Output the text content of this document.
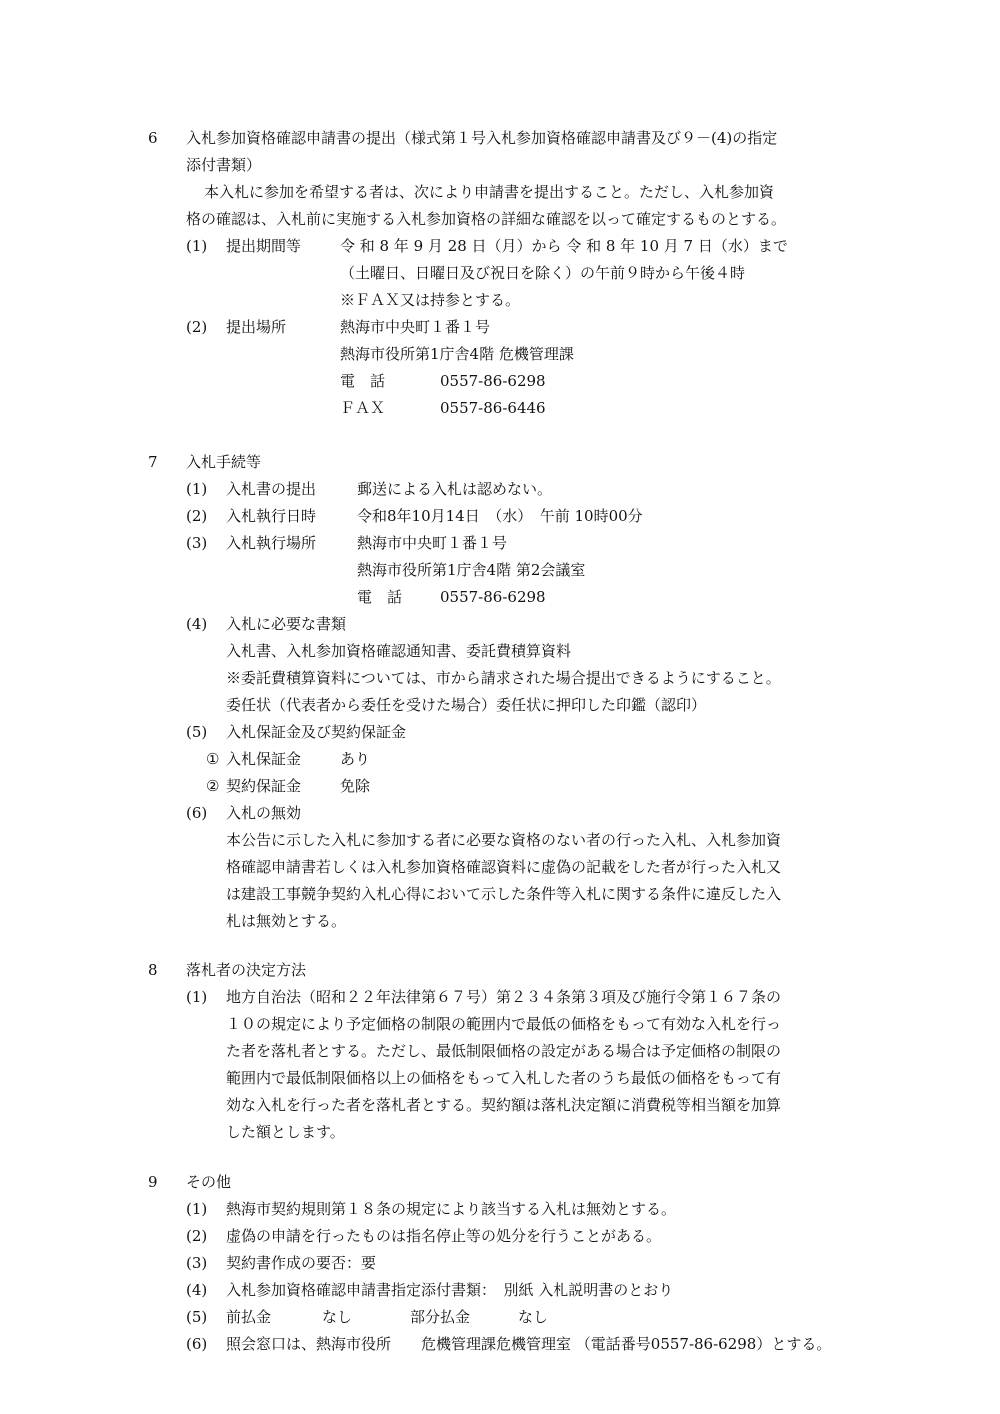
6 入札参加資格確認申請書の提出（様式第１号入札参加資格確認申請書及び９－(4)の指定
添付書類）
本入札に参加を希望する者は、次により申請書を提出すること。ただし、入札参加資
格の確認は、入札前に実施する入札参加資格の詳細な確認を以って確定するものとする。
(1) 提出期間等	令 和 8 年 9 月 28 日（月）から 令 和 8 年 10 月 7 日（水）まで
（土曜日、日曜日及び祝日を除く）の午前９時から午後４時
※ＦＡＸ又は持参とする。
(2) 提出場所	熱海市中央町１番１号
熱海市役所第1庁舎4階 危機管理課
電　話	0557-86-6298
ＦＡＸ	0557-86-6446
7 入札手続等
(1) 入札書の提出	郵送による入札は認めない。
(2) 入札執行日時	令和8年10月14日　（水）　午前 10時00分
(3) 入札執行場所	熱海市中央町１番１号
熱海市役所第1庁舎4階 第2会議室
電　話	0557-86-6298
(4) 入札に必要な書類
入札書、入札参加資格確認通知書、委託費積算資料
※委託費積算資料については、市から請求された場合提出できるようにすること。
委任状（代表者から委任を受けた場合）委任状に押印した印鑑（認印）
(5) 入札保証金及び契約保証金
① 入札保証金	あり
② 契約保証金	免除
(6) 入札の無効
本公告に示した入札に参加する者に必要な資格のない者の行った入札、入札参加資
格確認申請書若しくは入札参加資格確認資料に虚偽の記載をした者が行った入札又
は建設工事競争契約入札心得において示した条件等入札に関する条件に違反した入
札は無効とする。
8 落札者の決定方法
(1) 地方自治法（昭和２２年法律第６７号）第２３４条第３項及び施行令第１６７条の
１０の規定により予定価格の制限の範囲内で最低の価格をもって有効な入札を行っ
た者を落札者とする。ただし、最低制限価格の設定がある場合は予定価格の制限の
範囲内で最低制限価格以上の価格をもって入札した者のうち最低の価格をもって有
効な入札を行った者を落札者とする。契約額は落札決定額に消費税等相当額を加算
した額とします。
9 その他
(1) 熱海市契約規則第１８条の規定により該当する入札は無効とする。
(2) 虚偽の申請を行ったものは指名停止等の処分を行うことがある。
(3) 契約書作成の要否：要
(4) 入札参加資格確認申請書指定添付書類：　別紙 入札説明書のとおり
(5) 前払金	なし	部分払金	なし
(6) 照会窓口は、熱海市役所　　危機管理課危機管理室 （電話番号0557-86-6298）とする。
